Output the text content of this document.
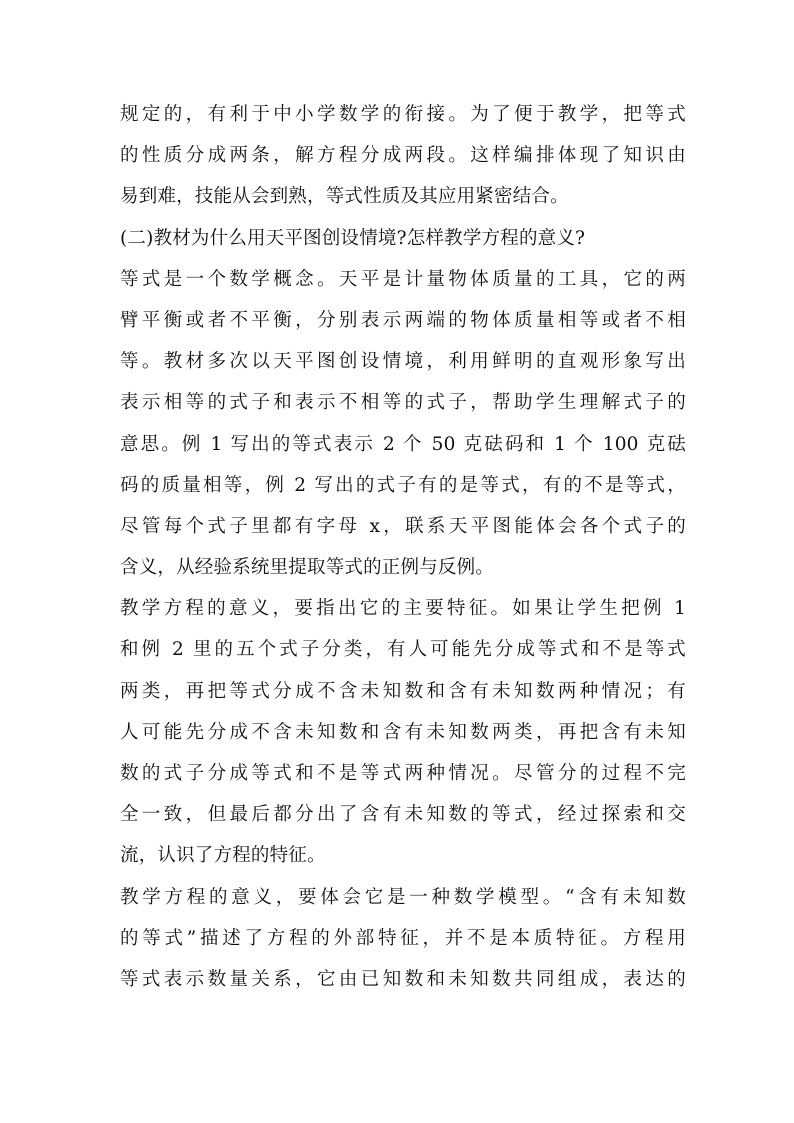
规定的，有利于中小学数学的衔接。为了便于教学，把等式
的性质分成两条，解方程分成两段。这样编排体现了知识由
易到难，技能从会到熟，等式性质及其应用紧密结合。
(二)教材为什么用天平图创设情境?怎样教学方程的意义?
等式是一个数学概念。天平是计量物体质量的工具，它的两
臂平衡或者不平衡，分别表示两端的物体质量相等或者不相
等。教材多次以天平图创设情境，利用鲜明的直观形象写出
表示相等的式子和表示不相等的式子，帮助学生理解式子的
意思。例 1 写出的等式表示 2 个 50 克砝码和 1 个 100 克砝
码的质量相等，例 2 写出的式子有的是等式，有的不是等式，
尽管每个式子里都有字母 x，联系天平图能体会各个式子的
含义，从经验系统里提取等式的正例与反例。
教学方程的意义，要指出它的主要特征。如果让学生把例 1
和例 2 里的五个式子分类，有人可能先分成等式和不是等式
两类，再把等式分成不含未知数和含有未知数两种情况；有
人可能先分成不含未知数和含有未知数两类，再把含有未知
数的式子分成等式和不是等式两种情况。尽管分的过程不完
全一致，但最后都分出了含有未知数的等式，经过探索和交
流，认识了方程的特征。
教学方程的意义，要体会它是一种数学模型。“含有未知数
的等式”描述了方程的外部特征，并不是本质特征。方程用
等式表示数量关系，它由已知数和未知数共同组成，表达的
